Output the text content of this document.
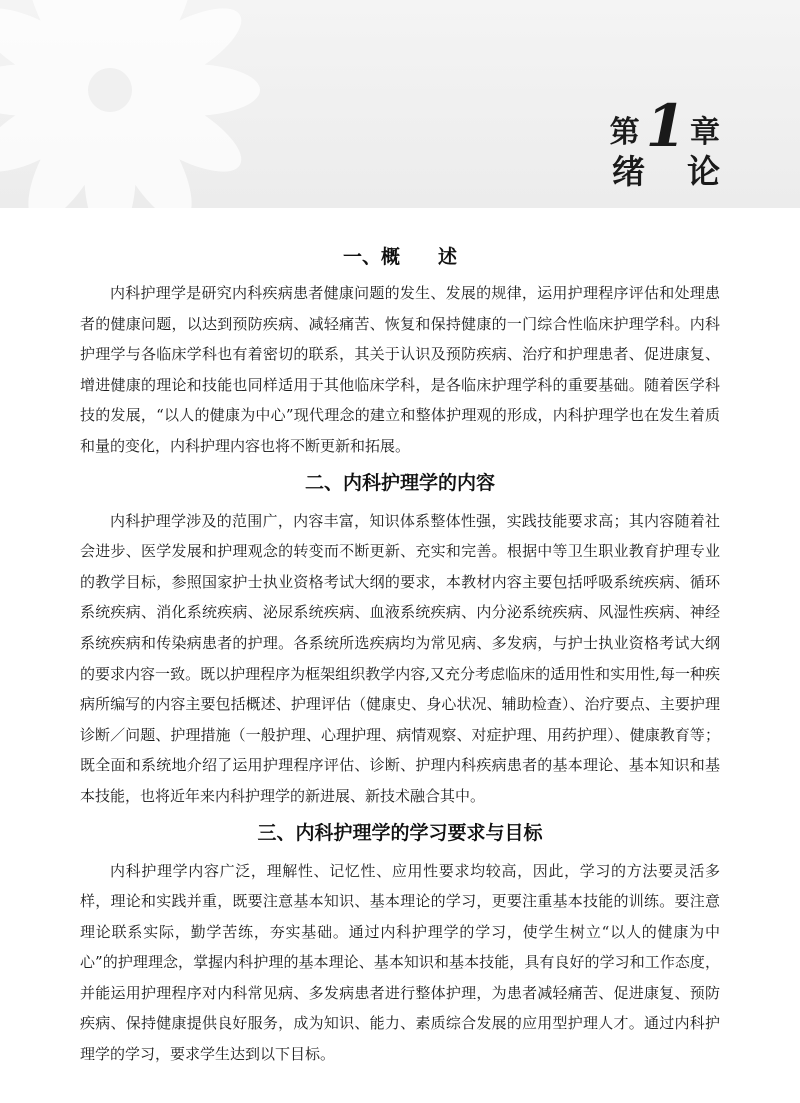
第 1 章
绪论
一、概　　述

内科护理学是研究内科疾病患者健康问题的发生、发展的规律，运用护理程序评估和处理患者的健康问题，以达到预防疾病、减轻痛苦、恢复和保持健康的一门综合性临床护理学科。内科护理学与各临床学科也有着密切的联系，其关于认识及预防疾病、治疗和护理患者、促进康复、增进健康的理论和技能也同样适用于其他临床学科，是各临床护理学科的重要基础。随着医学科技的发展，“以人的健康为中心”现代理念的建立和整体护理观的形成，内科护理学也在发生着质和量的变化，内科护理内容也将不断更新和拓展。

二、内科护理学的内容

内科护理学涉及的范围广，内容丰富，知识体系整体性强，实践技能要求高；其内容随着社会进步、医学发展和护理观念的转变而不断更新、充实和完善。根据中等卫生职业教育护理专业的教学目标，参照国家护士执业资格考试大纲的要求，本教材内容主要包括呼吸系统疾病、循环系统疾病、消化系统疾病、泌尿系统疾病、血液系统疾病、内分泌系统疾病、风湿性疾病、神经系统疾病和传染病患者的护理。各系统所选疾病均为常见病、多发病，与护士执业资格考试大纲的要求内容一致。既以护理程序为框架组织教学内容,又充分考虑临床的适用性和实用性,每一种疾病所编写的内容主要包括概述、护理评估（健康史、身心状况、辅助检查）、治疗要点、主要护理诊断／问题、护理措施（一般护理、心理护理、病情观察、对症护理、用药护理）、健康教育等；既全面和系统地介绍了运用护理程序评估、诊断、护理内科疾病患者的基本理论、基本知识和基本技能，也将近年来内科护理学的新进展、新技术融合其中。

三、内科护理学的学习要求与目标

内科护理学内容广泛，理解性、记忆性、应用性要求均较高，因此，学习的方法要灵活多样，理论和实践并重，既要注意基本知识、基本理论的学习，更要注重基本技能的训练。要注意理论联系实际，勤学苦练，夯实基础。通过内科护理学的学习，使学生树立“以人的健康为中心”的护理理念，掌握内科护理的基本理论、基本知识和基本技能，具有良好的学习和工作态度，并能运用护理程序对内科常见病、多发病患者进行整体护理，为患者减轻痛苦、促进康复、预防疾病、保持健康提供良好服务，成为知识、能力、素质综合发展的应用型护理人才。通过内科护理学的学习，要求学生达到以下目标。
